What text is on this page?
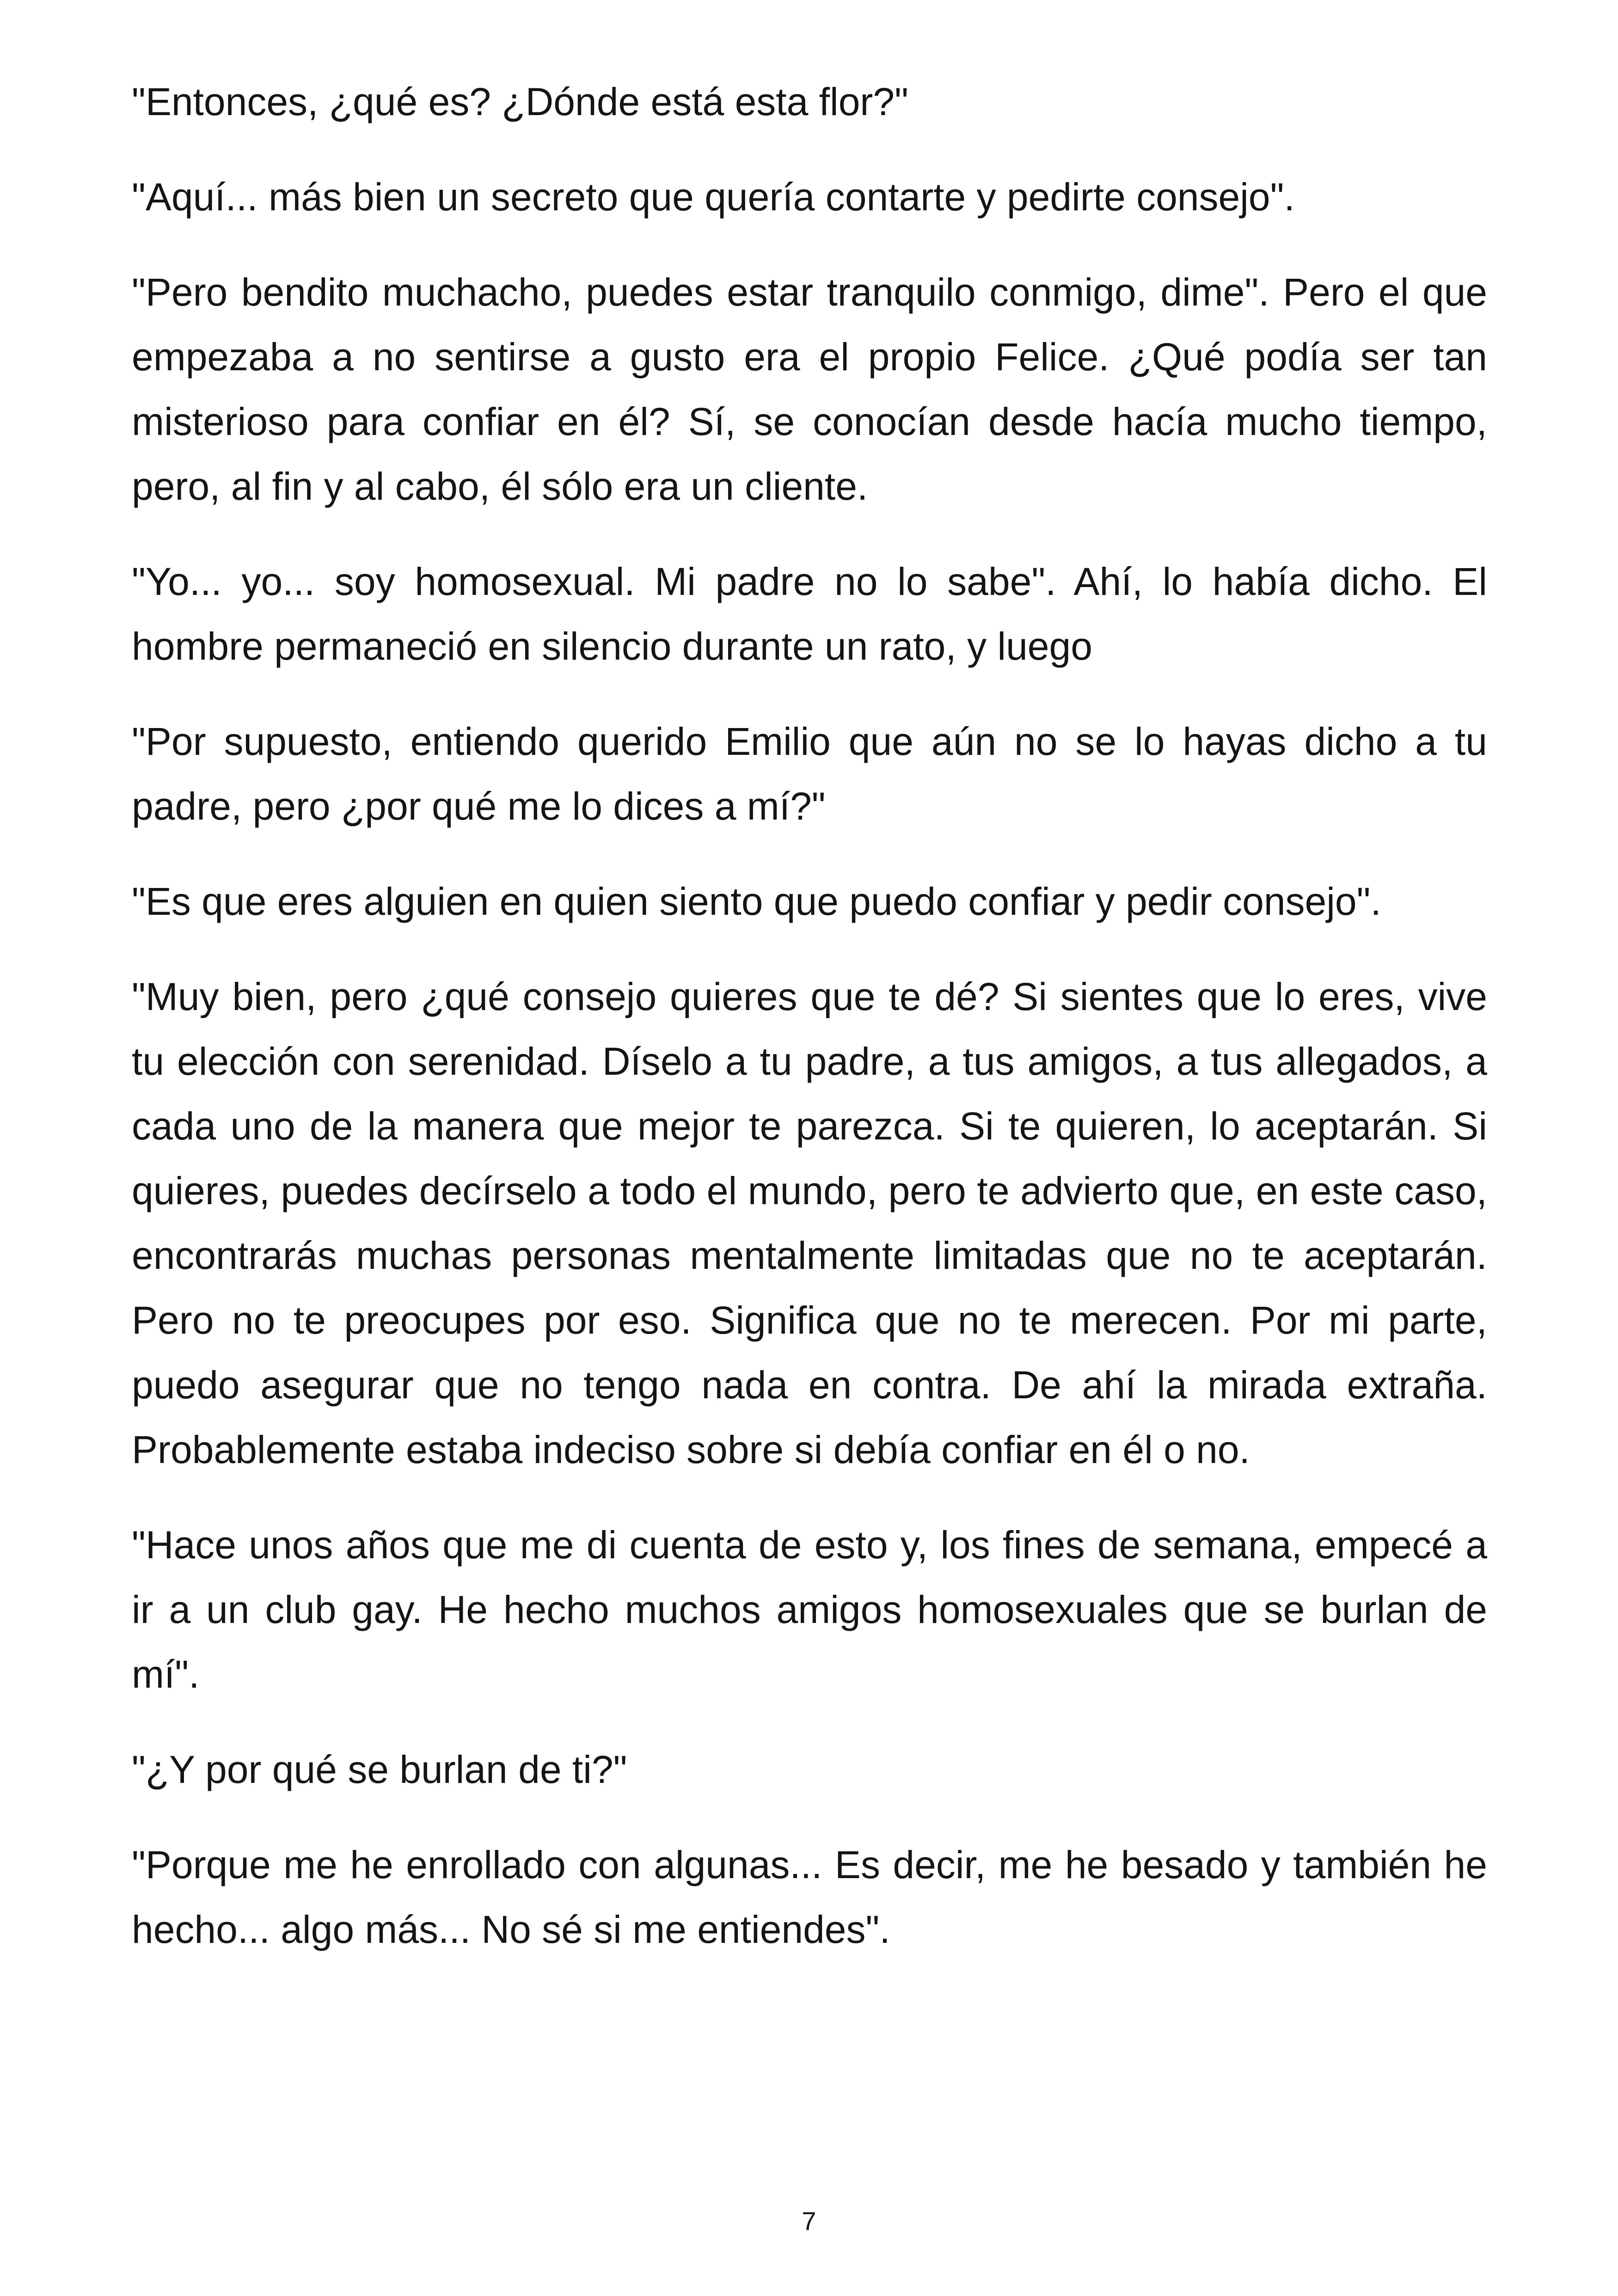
"Entonces, ¿qué es? ¿Dónde está esta flor?"

"Aquí... más bien un secreto que quería contarte y pedirte consejo".

"Pero bendito muchacho, puedes estar tranquilo conmigo, dime". Pero el que empezaba a no sentirse a gusto era el propio Felice. ¿Qué podía ser tan misterioso para confiar en él? Sí, se conocían desde hacía mucho tiempo, pero, al fin y al cabo, él sólo era un cliente.

"Yo... yo... soy homosexual. Mi padre no lo sabe". Ahí, lo había dicho. El hombre permaneció en silencio durante un rato, y luego

"Por supuesto, entiendo querido Emilio que aún no se lo hayas dicho a tu padre, pero ¿por qué me lo dices a mí?"

"Es que eres alguien en quien siento que puedo confiar y pedir consejo".

"Muy bien, pero ¿qué consejo quieres que te dé? Si sientes que lo eres, vive tu elección con serenidad. Díselo a tu padre, a tus amigos, a tus allegados, a cada uno de la manera que mejor te parezca. Si te quieren, lo aceptarán. Si quieres, puedes decírselo a todo el mundo, pero te advierto que, en este caso, encontrarás muchas personas mentalmente limitadas que no te aceptarán. Pero no te preocupes por eso. Significa que no te merecen. Por mi parte, puedo asegurar que no tengo nada en contra. De ahí la mirada extraña. Probablemente estaba indeciso sobre si debía confiar en él o no.

"Hace unos años que me di cuenta de esto y, los fines de semana, empecé a ir a un club gay. He hecho muchos amigos homosexuales que se burlan de mí".

"¿Y por qué se burlan de ti?"

"Porque me he enrollado con algunas... Es decir, me he besado y también he hecho... algo más... No sé si me entiendes".

7
